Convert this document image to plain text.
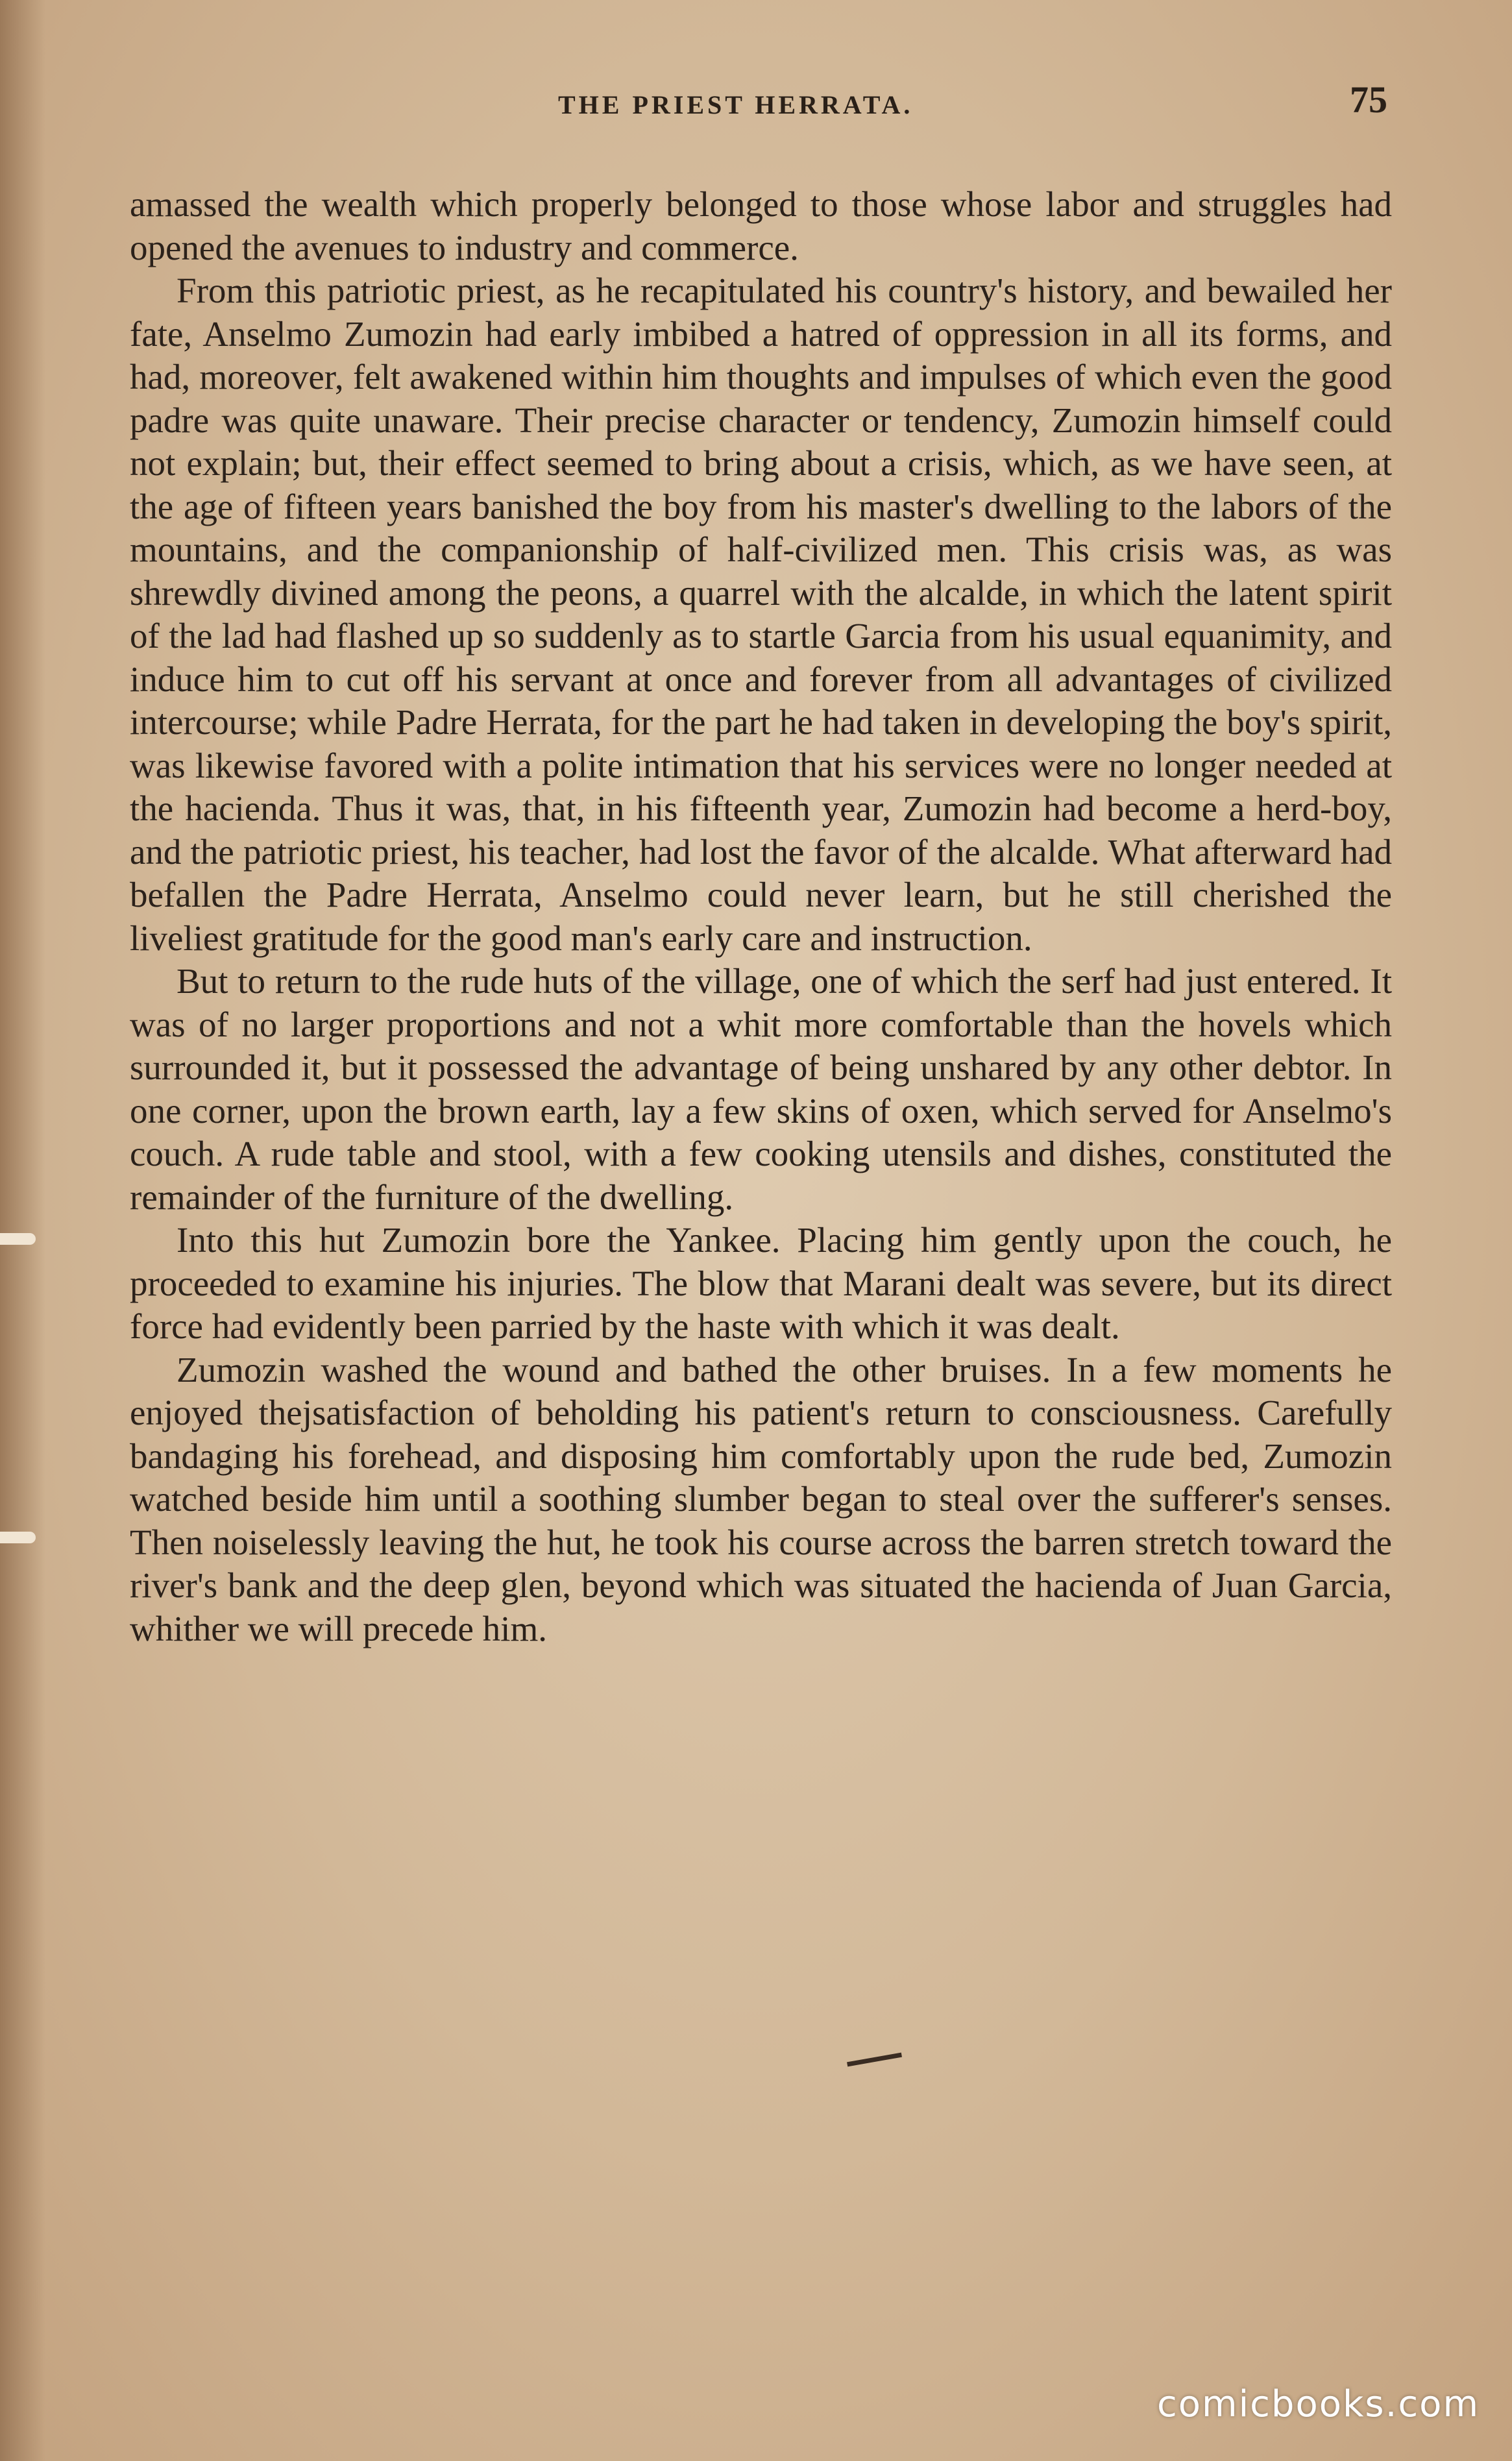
THE PRIEST HERRATA.	75

amassed the wealth which properly belonged to those whose labor and struggles had opened the avenues to industry and commerce.

From this patriotic priest, as he recapitulated his country's history, and bewailed her fate, Anselmo Zumozin had early imbibed a hatred of oppression in all its forms, and had, moreover, felt awakened within him thoughts and impulses of which even the good padre was quite unaware. Their precise character or tendency, Zumozin himself could not explain; but, their effect seemed to bring about a crisis, which, as we have seen, at the age of fifteen years banished the boy from his master's dwelling to the labors of the mountains, and the companionship of half-civilized men. This crisis was, as was shrewdly divined among the peons, a quarrel with the alcalde, in which the latent spirit of the lad had flashed up so suddenly as to startle Garcia from his usual equanimity, and induce him to cut off his servant at once and forever from all advantages of civilized intercourse; while Padre Herrata, for the part he had taken in developing the boy's spirit, was likewise favored with a polite intimation that his services were no longer needed at the hacienda. Thus it was, that, in his fifteenth year, Zumozin had become a herd-boy, and the patriotic priest, his teacher, had lost the favor of the alcalde. What afterward had befallen the Padre Herrata, Anselmo could never learn, but he still cherished the liveliest gratitude for the good man's early care and instruction.

But to return to the rude huts of the village, one of which the serf had just entered. It was of no larger proportions and not a whit more comfortable than the hovels which surrounded it, but it possessed the advantage of being unshared by any other debtor. In one corner, upon the brown earth, lay a few skins of oxen, which served for Anselmo's couch. A rude table and stool, with a few cooking utensils and dishes, constituted the remainder of the furniture of the dwelling.

Into this hut Zumozin bore the Yankee. Placing him gently upon the couch, he proceeded to examine his injuries. The blow that Marani dealt was severe, but its direct force had evidently been parried by the haste with which it was dealt.

Zumozin washed the wound and bathed the other bruises. In a few moments he enjoyed thejsatisfaction of beholding his patient's return to consciousness. Carefully bandaging his forehead, and disposing him comfortably upon the rude bed, Zumozin watched beside him until a soothing slumber began to steal over the sufferer's senses. Then noiselessly leaving the hut, he took his course across the barren stretch toward the river's bank and the deep glen, beyond which was situated the hacienda of Juan Garcia, whither we will precede him.

comicbooks.com
